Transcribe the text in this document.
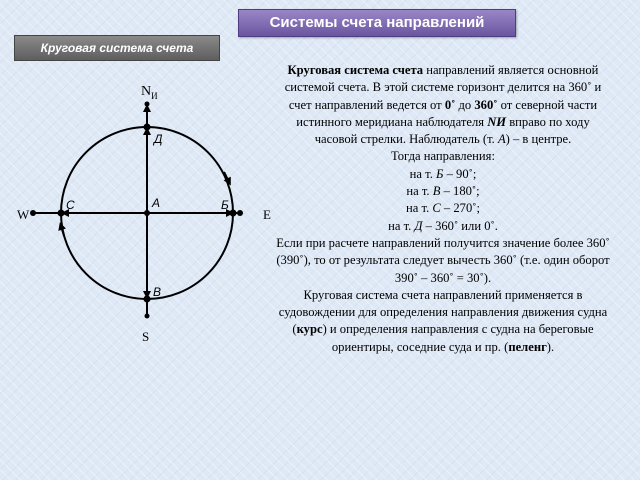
Системы счета направлений
Круговая система счета
$N_И$
S
W	E
А
Д
Б
В
С

Круговая система счета направлений является основной системой счета. В этой системе горизонт делится на 360˚ и счет направлений ведется от 0˚ до 360˚ от северной части истинного меридиана наблюдателя NИ вправо по ходу часовой стрелки. Наблюдатель (т. А) – в центре.

Тогда направления:

на т. Б – 90˚;

на т. В – 180˚;

на т. С – 270˚;

на т. Д – 360˚ или 0˚.

Если при расчете направлений получится значение более 360˚ (390˚), то от результата следует вычесть 360˚ (т.е. один оборот 390˚ – 360˚ = 30˚).

Круговая система счета направлений применяется в судовождении для определения направления движения судна (курс) и определения направления с судна на береговые ориентиры, соседние суда и пр. (пеленг).
